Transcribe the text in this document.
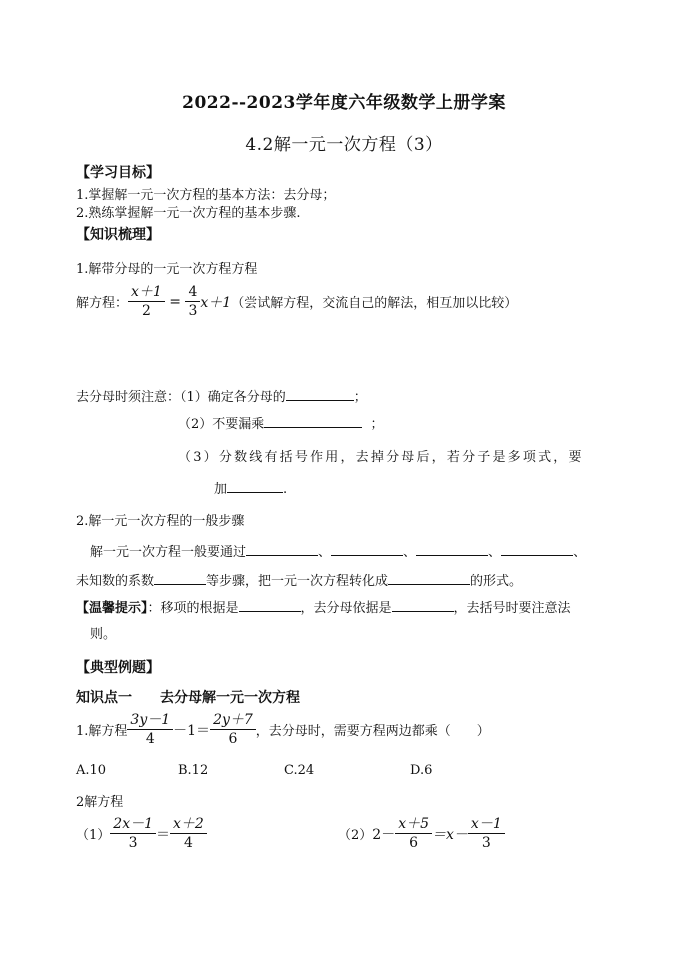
2022--2023学年度六年级数学上册学案
4.2解一元一次方程（3）
【学习目标】
1.掌握解一元一次方程的基本方法：去分母；
2.熟练掌握解一元一次方程的基本步骤.
【知识梳理】
1.解带分母的一元一次方程方程
解方程： $\frac{x+1}{2} = \frac{4}{3} x+1$ （尝试解方程，交流自己的解法，相互加以比较）
去分母时须注意：（1）确定各分母的	；
（2）不要漏乘	；
（3）分数线有括号作用，去掉分母后，若分子是多项式，要
加	.
2.解一元一次方程的一般步骤
解一元一次方程一般要通过	、	、	、	、
未知数的系数	等步骤，把一元一次方程转化成	的形式。
【温馨提示】：移项的根据是	，去分母依据是	，去括号时要注意法
则。
【典型例题】
知识点一　　去分母解一元一次方程
1.解方程 $\frac{3y-1}{4} -1= \frac{2y+7}{6}$ ，去分母时，需要方程两边都乘（　　）
A.10	B.12	C.24	D.6
2解方程
$(1) \frac{2x-1}{3} = \frac{x+2}{4}$	（2） $2- \frac{x+5}{6} =x- \frac{x-1}{3}$
